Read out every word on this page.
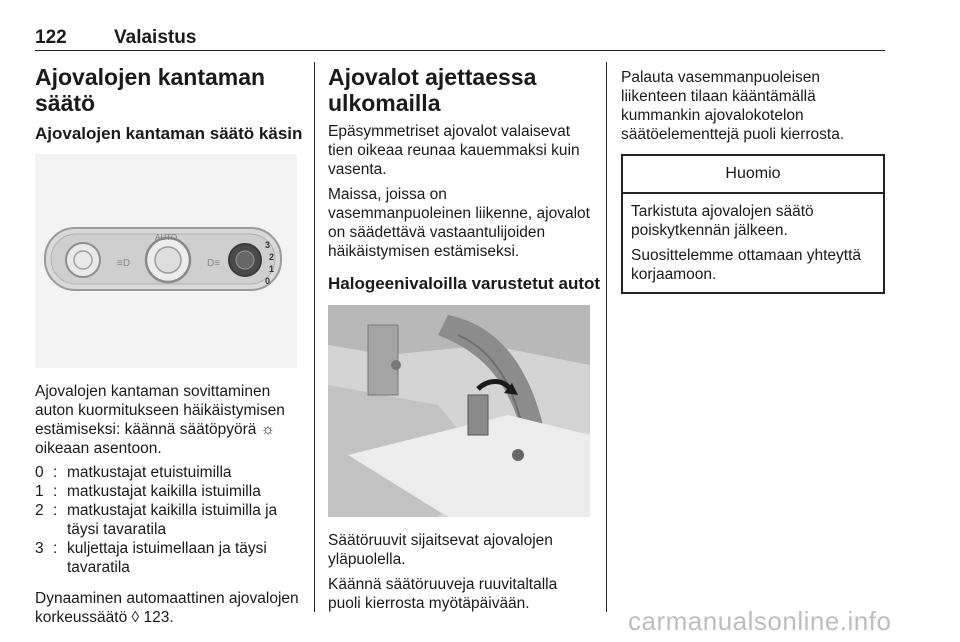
122 Valaistus
Ajovalojen kantaman säätö
Ajovalojen kantaman säätö käsin
≡D
AUTO
D≡
3
2
1
0

Ajovalojen kantaman sovittaminen auton kuormitukseen häikäistymisen estämiseksi: käännä säätöpyörä ☼ oikeaan asentoon.

0 : matkustajat etuistuimilla
1 : matkustajat kaikilla istuimilla
2 : matkustajat kaikilla istuimilla ja täysi tavaratila
3 : kuljettaja istuimellaan ja täysi tavaratila

Dynaaminen automaattinen ajovalojen korkeussäätö ◊ 123.

Ajovalot ajettaessa
ulkomailla

Epäsymmetriset ajovalot valaisevat tien oikeaa reunaa kauemmaksi kuin vasenta.

Maissa, joissa on vasemmanpuoleinen liikenne, ajovalot on säädettävä vastaantulijoiden häikäistymisen estämiseksi.

Halogeenivaloilla varustetut autot

Säätöruuvit sijaitsevat ajovalojen yläpuolella.

Käännä säätöruuveja ruuvitaltalla puoli kierrosta myötäpäivään.

Palauta vasemmanpuoleisen liikenteen tilaan kääntämällä kummankin ajovalokotelon säätöelementtejä puoli kierrosta.

Huomio

Tarkistuta ajovalojen säätö poiskytkennän jälkeen.

Suosittelemme ottamaan yhteyttä korjaamoon.

carmanualsonline.info
